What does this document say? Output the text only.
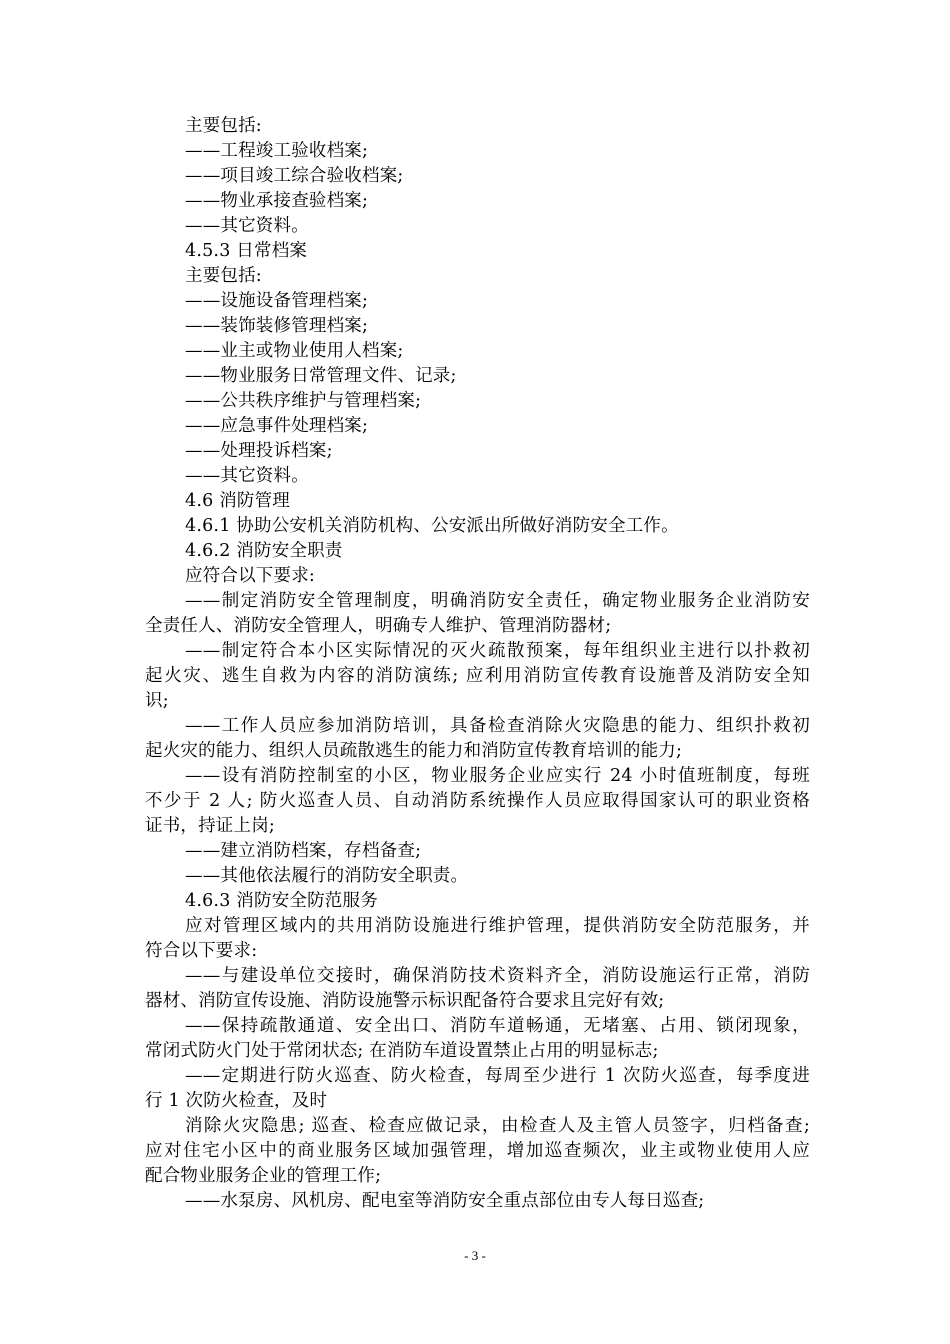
主要包括:
——工程竣工验收档案;
——项目竣工综合验收档案;
——物业承接查验档案;
——其它资料。
4.5.3 日常档案
主要包括:
——设施设备管理档案;
——装饰装修管理档案;
——业主或物业使用人档案;
——物业服务日常管理文件、记录;
——公共秩序维护与管理档案;
——应急事件处理档案;
——处理投诉档案;
——其它资料。
4.6 消防管理
4.6.1 协助公安机关消防机构、公安派出所做好消防安全工作。
4.6.2 消防安全职责
应符合以下要求:
——制定消防安全管理制度，明确消防安全责任，确定物业服务企业消防安
全责任人、消防安全管理人，明确专人维护、管理消防器材;
——制定符合本小区实际情况的灭火疏散预案，每年组织业主进行以扑救初
起火灾、逃生自救为内容的消防演练; 应利用消防宣传教育设施普及消防安全知
识;
——工作人员应参加消防培训，具备检查消除火灾隐患的能力、组织扑救初
起火灾的能力、组织人员疏散逃生的能力和消防宣传教育培训的能力;
——设有消防控制室的小区，物业服务企业应实行 24 小时值班制度，每班
不少于 2 人; 防火巡查人员、自动消防系统操作人员应取得国家认可的职业资格
证书，持证上岗;
——建立消防档案，存档备查;
——其他依法履行的消防安全职责。
4.6.3 消防安全防范服务
应对管理区域内的共用消防设施进行维护管理，提供消防安全防范服务，并
符合以下要求:
——与建设单位交接时，确保消防技术资料齐全，消防设施运行正常，消防
器材、消防宣传设施、消防设施警示标识配备符合要求且完好有效;
——保持疏散通道、安全出口、消防车道畅通，无堵塞、占用、锁闭现象，
常闭式防火门处于常闭状态; 在消防车道设置禁止占用的明显标志;
——定期进行防火巡查、防火检查，每周至少进行 1 次防火巡查，每季度进
行 1 次防火检查，及时
消除火灾隐患; 巡查、检查应做记录，由检查人及主管人员签字，归档备查;
应对住宅小区中的商业服务区域加强管理，增加巡查频次，业主或物业使用人应
配合物业服务企业的管理工作;
——水泵房、风机房、配电室等消防安全重点部位由专人每日巡查;
- 3 -
